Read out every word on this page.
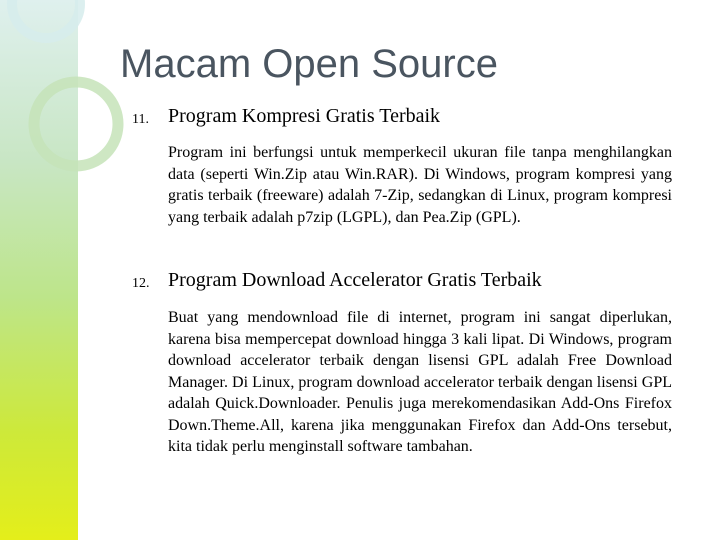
Macam Open Source
11. Program Kompresi Gratis Terbaik

Program ini berfungsi untuk memperkecil ukuran file tanpa menghilangkan data (seperti Win.Zip atau Win.RAR). Di Windows, program kompresi yang gratis terbaik (freeware) adalah 7-Zip, sedangkan di Linux, program kompresi yang terbaik adalah p7zip (LGPL), dan Pea.Zip (GPL).

12. Program Download Accelerator Gratis Terbaik

Buat yang mendownload file di internet, program ini sangat diperlukan, karena bisa mempercepat download hingga 3 kali lipat. Di Windows, program download accelerator terbaik dengan lisensi GPL adalah Free Download Manager. Di Linux, program download accelerator terbaik dengan lisensi GPL adalah Quick.Downloader. Penulis juga merekomendasikan Add-Ons Firefox Down.Theme.All, karena jika menggunakan Firefox dan Add-Ons tersebut, kita tidak perlu menginstall software tambahan.
